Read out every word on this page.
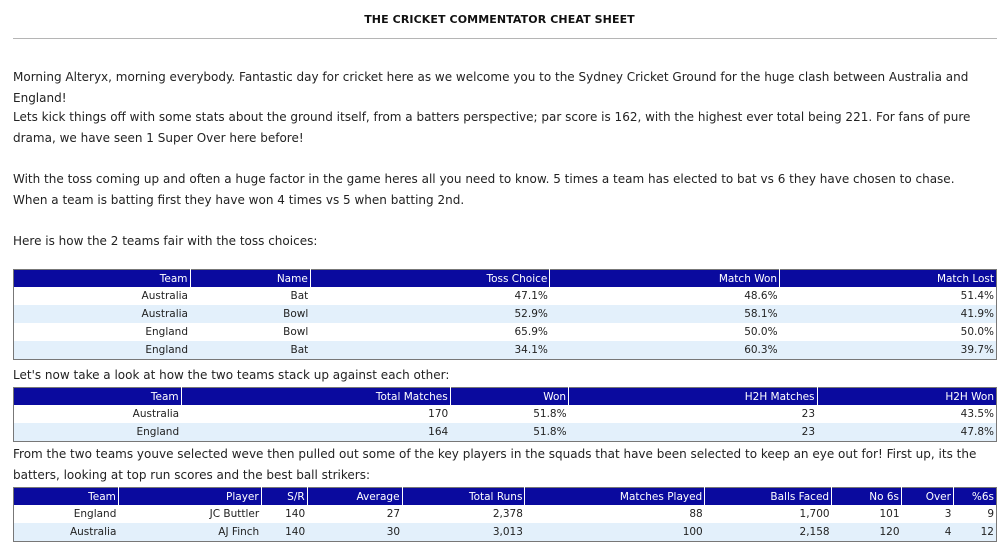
THE CRICKET COMMENTATOR CHEAT SHEET
Morning Alteryx, morning everybody. Fantastic day for cricket here as we welcome you to the Sydney Cricket Ground for the huge clash between Australia and England!
Lets kick things off with some stats about the ground itself, from a batters perspective; par score is 162, with the highest ever total being 221. For fans of pure drama, we have seen 1 Super Over here before!
With the toss coming up and often a huge factor in the game heres all you need to know. 5 times a team has elected to bat vs 6 they have chosen to chase. When a team is batting first they have won 4 times vs 5 when batting 2nd.
Here is how the 2 teams fair with the toss choices:
Team	Name	Toss Choice	Match Won	Match Lost
Australia	Bat	47.1%	48.6%	51.4%
Australia	Bowl	52.9%	58.1%	41.9%
England	Bowl	65.9%	50.0%	50.0%
England	Bat	34.1%	60.3%	39.7%
Let's now take a look at how the two teams stack up against each other:
Team	Total Matches	Won	H2H Matches	H2H Won
Australia	170	51.8%	23	43.5%
England	164	51.8%	23	47.8%
From the two teams youve selected weve then pulled out some of the key players in the squads that have been selected to keep an eye out for! First up, its the batters, looking at top run scores and the best ball strikers:
Team	Player	S/R	Average	Total Runs	Matches Played	Balls Faced	No 6s	Over	%6s
England	JC Buttler	140	27	2,378	88	1,700	101	3	9
Australia	AJ Finch	140	30	3,013	100	2,158	120	4	12
